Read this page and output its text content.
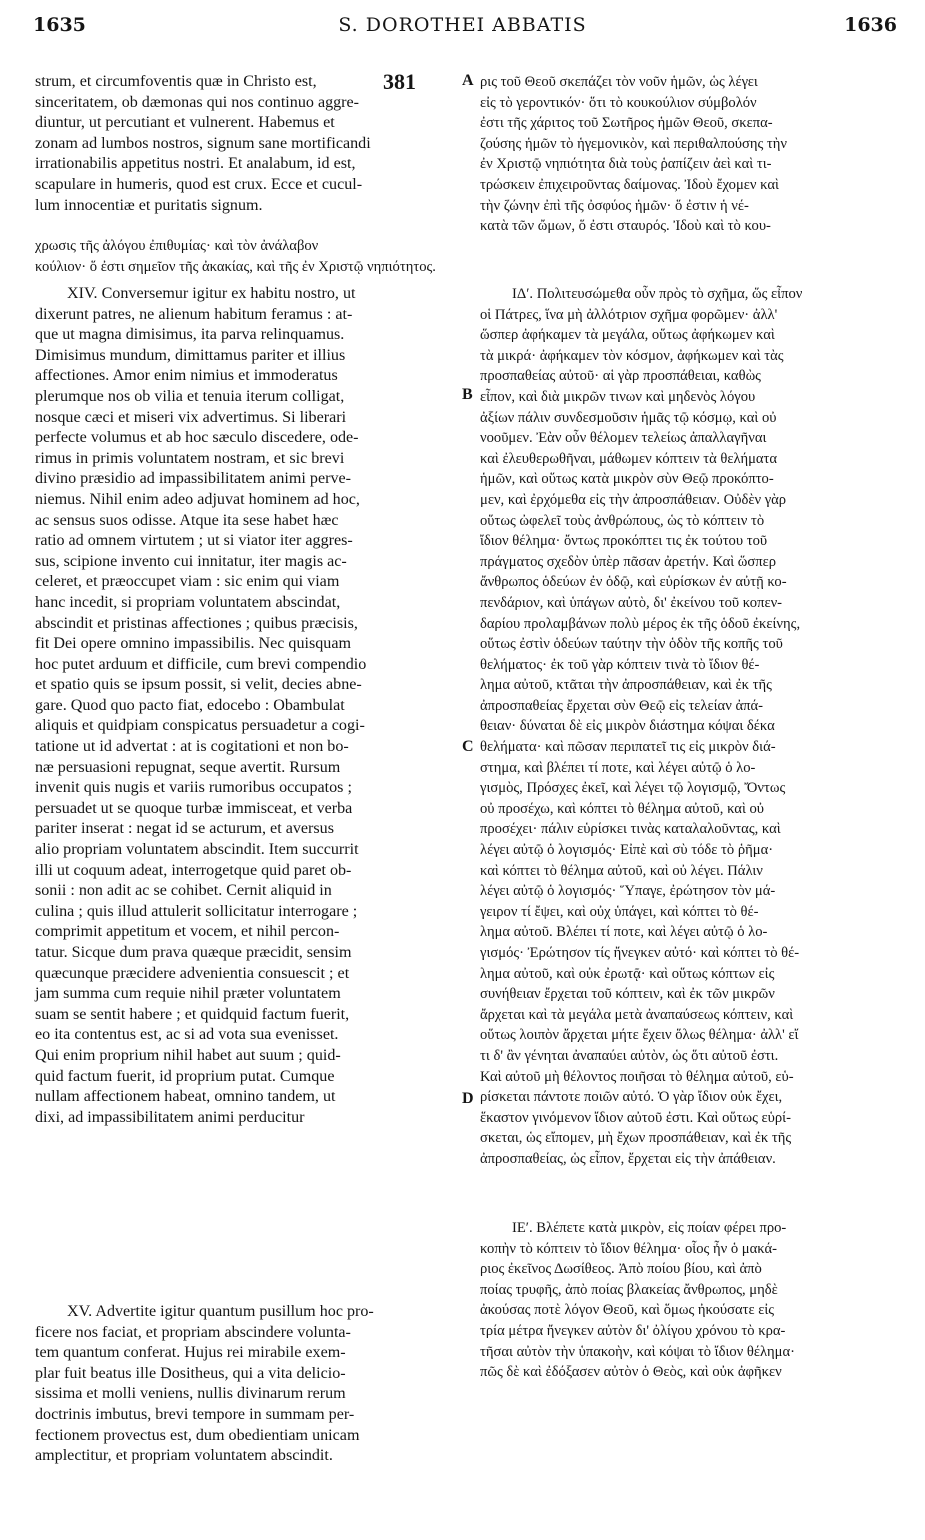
1635	S. DOROTHEI ABBATIS	1636
381	A
B
C
D

strum, et circumfoventis quæ in Christo est,

sinceritatem, ob dæmonas qui nos continuo aggre-

diuntur, ut percutiant et vulnerent. Habemus et

zonam ad lumbos nostros, signum sane mortificandi

irrationabilis appetitus nostri. Et analabum, id est,

scapulare in humeris, quod est crux. Ecce et cucul-

lum innocentiæ et puritatis signum.

χρωσις τῆς ἀλόγου ἐπιθυμίας· καὶ τὸν ἀνάλαβον

κούλιον· ὅ ἐστι σημεῖον τῆς ἀκακίας, καὶ τῆς ἐν Χριστῷ νηπιότητος.

XIV. Conversemur igitur ex habitu nostro, ut

dixerunt patres, ne alienum habitum feramus : at-

que ut magna dimisimus, ita parva relinquamus.

Dimisimus mundum, dimittamus pariter et illius

affectiones. Amor enim nimius et immoderatus

plerumque nos ob vilia et tenuia iterum colligat,

nosque cæci et miseri vix advertimus. Si liberari

perfecte volumus et ab hoc sæculo discedere, ode-

rimus in primis voluntatem nostram, et sic brevi

divino præsidio ad impassibilitatem animi perve-

niemus. Nihil enim adeo adjuvat hominem ad hoc,

ac sensus suos odisse. Atque ita sese habet hæc

ratio ad omnem virtutem ; ut si viator iter aggres-

sus, scipione invento cui innitatur, iter magis ac-

celeret, et præoccupet viam : sic enim qui viam

hanc incedit, si propriam voluntatem abscindat,

abscindit et pristinas affectiones ; quibus præcisis,

fit Dei opere omnino impassibilis. Nec quisquam

hoc putet arduum et difficile, cum brevi compendio

et spatio quis se ipsum possit, si velit, decies abne-

gare. Quod quo pacto fiat, edocebo : Obambulat

aliquis et quidpiam conspicatus persuadetur a cogi-

tatione ut id advertat : at is cogitationi et non bo-

næ persuasioni repugnat, seque avertit. Rursum

invenit quis nugis et variis rumoribus occupatos ;

persuadet ut se quoque turbæ immisceat, et verba

pariter inserat : negat id se acturum, et aversus

alio propriam voluntatem abscindit. Item succurrit

illi ut coquum adeat, interrogetque quid paret ob-

sonii : non adit ac se cohibet. Cernit aliquid in

culina ; quis illud attulerit sollicitatur interrogare ;

comprimit appetitum et vocem, et nihil percon-

tatur. Sicque dum prava quæque præcidit, sensim

quæcunque præcidere advenientia consuescit ; et

jam summa cum requie nihil præter voluntatem

suam se sentit habere ; et quidquid factum fuerit,

eo ita contentus est, ac si ad vota sua evenisset.

Qui enim proprium nihil habet aut suum ; quid-

quid factum fuerit, id proprium putat. Cumque

nullam affectionem habeat, omnino tandem, ut

dixi, ad impassibilitatem animi perducitur

XV. Advertite igitur quantum pusillum hoc pro-

ficere nos faciat, et propriam abscindere volunta-

tem quantum conferat. Hujus rei mirabile exem-

plar fuit beatus ille Dositheus, qui a vita delicio-

sissima et molli veniens, nullis divinarum rerum

doctrinis imbutus, brevi tempore in summam per-

fectionem provectus est, dum obedientiam unicam

amplectitur, et propriam voluntatem abscindit.

ρις τοῦ Θεοῦ σκεπάζει τὸν νοῦν ἡμῶν, ὡς λέγει

εἰς τὸ γεροντικόν· ὅτι τὸ κουκούλιον σύμβολόν

ἐστι τῆς χάριτος τοῦ Σωτῆρος ἡμῶν Θεοῦ, σκεπα-

ζούσης ἡμῶν τὸ ἡγεμονικὸν, καὶ περιθαλπούσης τὴν

ἐν Χριστῷ νηπιότητα διὰ τοὺς ῥαπίζειν ἀεὶ καὶ τι-

τρώσκειν ἐπιχειροῦντας δαίμονας. Ἰδοὺ ἔχομεν καὶ

τὴν ζώνην ἐπὶ τῆς ὀσφύος ἡμῶν· ὅ ἐστιν ἡ νέ-

κατὰ τῶν ὤμων, ὅ ἐστι σταυρός. Ἰδοὺ καὶ τὸ κου-

ΙΔʹ. Πολιτευσώμεθα οὖν πρὸς τὸ σχῆμα, ὥς εἶπον

οἱ Πάτρες, ἵνα μὴ ἀλλότριον σχῆμα φορῶμεν· ἀλλ'

ὥσπερ ἀφήκαμεν τὰ μεγάλα, οὕτως ἀφήκωμεν καὶ

τὰ μικρά· ἀφήκαμεν τὸν κόσμον, ἀφήκωμεν καὶ τὰς

προσπαθείας αὐτοῦ· αἱ γὰρ προσπάθειαι, καθὼς

εἶπον, καὶ διὰ μικρῶν τινων καὶ μηδενὸς λόγου

ἀξίων πάλιν συνδεσμοῦσιν ἡμᾶς τῷ κόσμῳ, καὶ οὐ

νοοῦμεν. Ἐὰν οὖν θέλομεν τελείως ἀπαλλαγῆναι

καὶ ἐλευθερωθῆναι, μάθωμεν κόπτειν τὰ θελήματα

ἡμῶν, καὶ οὕτως κατὰ μικρὸν σὺν Θεῷ προκόπτο-

μεν, καὶ ἐρχόμεθα εἰς τὴν ἀπροσπάθειαν. Οὐδὲν γὰρ

οὕτως ὠφελεῖ τοὺς ἀνθρώπους, ὡς τὸ κόπτειν τὸ

ἴδιον θέλημα· ὄντως προκόπτει τις ἐκ τούτου τοῦ

πράγματος σχεδὸν ὑπὲρ πᾶσαν ἀρετήν. Καὶ ὥσπερ

ἄνθρωπος ὁδεύων ἐν ὁδῷ, καὶ εὑρίσκων ἐν αὐτῇ κο-

πενδάριον, καὶ ὑπάγων αὐτὸ, δι' ἐκείνου τοῦ κοπεν-

δαρίου προλαμβάνων πολὺ μέρος ἐκ τῆς ὁδοῦ ἐκείνης,

οὕτως ἐστὶν ὁδεύων ταύτην τὴν ὁδὸν τῆς κοπῆς τοῦ

θελήματος· ἐκ τοῦ γὰρ κόπτειν τινὰ τὸ ἴδιον θέ-

λημα αὐτοῦ, κτᾶται τὴν ἀπροσπάθειαν, καὶ ἐκ τῆς

ἀπροσπαθείας ἔρχεται σὺν Θεῷ εἰς τελείαν ἀπά-

θειαν· δύναται δὲ εἰς μικρὸν διάστημα κόψαι δέκα

θελήματα· καὶ πῶσαν περιπατεῖ τις εἰς μικρὸν διά-

στημα, καὶ βλέπει τί ποτε, καὶ λέγει αὐτῷ ὁ λο-

γισμὸς, Πρόσχες ἐκεῖ, καὶ λέγει τῷ λογισμῷ, Ὄντως

οὐ προσέχω, καὶ κόπτει τὸ θέλημα αὐτοῦ, καὶ οὐ

προσέχει· πάλιν εὑρίσκει τινὰς καταλαλοῦντας, καὶ

λέγει αὐτῷ ὁ λογισμός· Εἰπὲ καὶ σὺ τόδε τὸ ῥῆμα·

καὶ κόπτει τὸ θέλημα αὐτοῦ, καὶ οὐ λέγει. Πάλιν

λέγει αὐτῷ ὁ λογισμός· Ὕπαγε, ἐρώτησον τὸν μά-

γειρον τί ἔψει, καὶ οὐχ ὑπάγει, καὶ κόπτει τὸ θέ-

λημα αὐτοῦ. Βλέπει τί ποτε, καὶ λέγει αὐτῷ ὁ λο-

γισμός· Ἐρώτησον τίς ἤνεγκεν αὐτό· καὶ κόπτει τὸ θέ-

λημα αὐτοῦ, καὶ οὐκ ἐρωτᾷ· καὶ οὕτως κόπτων εἰς

συνήθειαν ἔρχεται τοῦ κόπτειν, καὶ ἐκ τῶν μικρῶν

ἄρχεται καὶ τὰ μεγάλα μετὰ ἀναπαύσεως κόπτειν, καὶ

οὕτως λοιπὸν ἄρχεται μήτε ἔχειν ὅλως θέλημα· ἀλλ' εἴ

τι δ' ἂν γένηται ἀναπαύει αὐτὸν, ὡς ὅτι αὐτοῦ ἐστι.

Καὶ αὐτοῦ μὴ θέλοντος ποιῆσαι τὸ θέλημα αὐτοῦ, εὑ-

ρίσκεται πάντοτε ποιῶν αὐτό. Ὁ γὰρ ἴδιον οὐκ ἔχει,

ἕκαστον γινόμενον ἴδιον αὐτοῦ ἐστι. Καὶ οὕτως εὑρί-

σκεται, ὡς εἴπομεν, μὴ ἔχων προσπάθειαν, καὶ ἐκ τῆς

ἀπροσπαθείας, ὡς εἶπον, ἔρχεται εἰς τὴν ἀπάθειαν.

ΙΕʹ. Βλέπετε κατὰ μικρὸν, εἰς ποίαν φέρει προ-

κοπὴν τὸ κόπτειν τὸ ἴδιον θέλημα· οἷος ἦν ὁ μακά-

ριος ἐκεῖνος Δωσίθεος. Ἀπὸ ποίου βίου, καὶ ἀπὸ

ποίας τρυφῆς, ἀπὸ ποίας βλακείας ἄνθρωπος, μηδὲ

ἀκούσας ποτὲ λόγον Θεοῦ, καὶ ὅμως ἠκούσατε εἰς

τρία μέτρα ἤνεγκεν αὐτὸν δι' ὀλίγου χρόνου τὸ κρα-

τῆσαι αὐτὸν τὴν ὑπακοὴν, καὶ κόψαι τὸ ἴδιον θέλημα·

πῶς δὲ καὶ ἐδόξασεν αὐτὸν ὁ Θεὸς, καὶ οὐκ ἀφῆκεν
